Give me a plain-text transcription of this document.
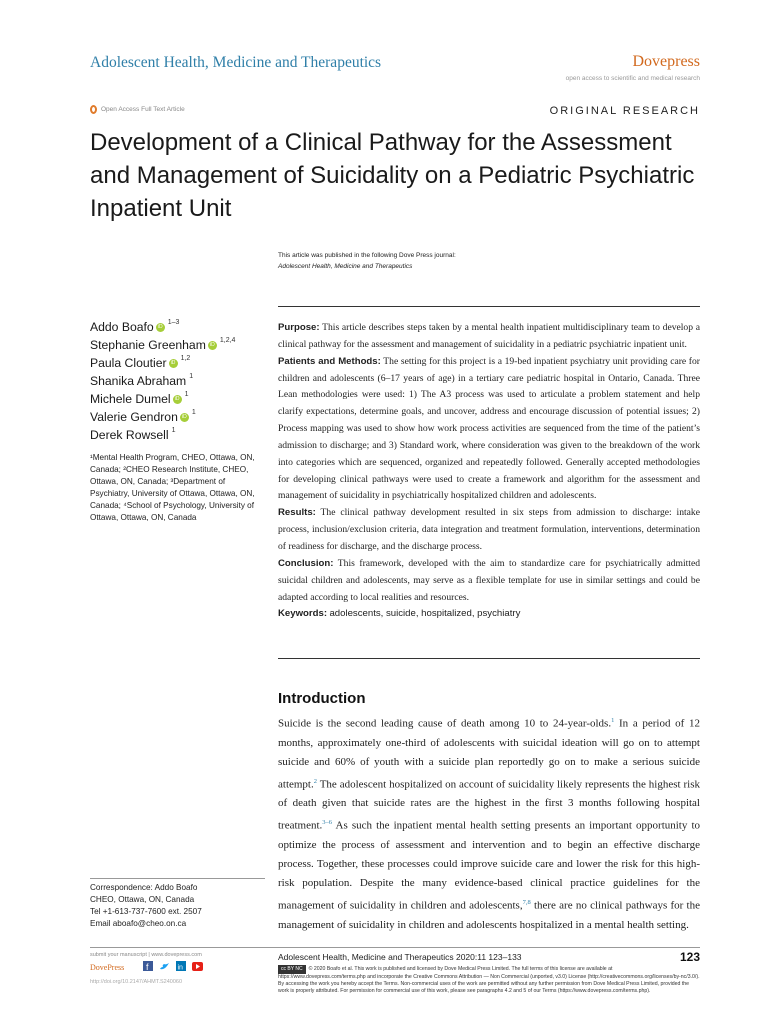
Adolescent Health, Medicine and Therapeutics	Dovepress
open access to scientific and medical research
Open Access Full Text Article	ORIGINAL RESEARCH
Development of a Clinical Pathway for the Assessment and Management of Suicidality on a Pediatric Psychiatric Inpatient Unit
This article was published in the following Dove Press journal:
Adolescent Health, Medicine and Therapeutics
Addo Boafo iD
1–3
Stephanie Greenham iD
1,2,4
Paula Cloutier iD
1,2
Shanika Abraham 1
Michele Dumel iD
1
Valerie Gendron iD
1
Derek Rowsell 1
¹Mental Health Program, CHEO, Ottawa, ON, Canada; ²CHEO Research Institute, CHEO, Ottawa, ON, Canada; ³Department of Psychiatry, University of Ottawa, Ottawa, ON, Canada; ⁴School of Psychology, University of Ottawa, Ottawa, ON, Canada

Purpose: This article describes steps taken by a mental health inpatient multidisciplinary team to develop a clinical pathway for the assessment and management of suicidality in a pediatric psychiatric inpatient unit.

Patients and Methods: The setting for this project is a 19-bed inpatient psychiatry unit providing care for children and adolescents (6–17 years of age) in a tertiary care pediatric hospital in Ontario, Canada. Three Lean methodologies were used: 1) The A3 process was used to articulate a problem statement and help clarify expectations, determine goals, and uncover, address and encourage discussion of potential issues; 2) Process mapping was used to show how work process activities are sequenced from the time of the patient’s admission to discharge; and 3) Standard work, where consideration was given to the breakdown of the work into categories which are sequenced, organized and repeatedly followed. Generally accepted methodologies for developing clinical pathways were used to create a framework and algorithm for the assessment and management of suicidality in psychiatrically hospitalized children and adolescents.

Results: The clinical pathway development resulted in six steps from admission to discharge: intake process, inclusion/exclusion criteria, data integration and treatment formulation, interventions, determination of readiness for discharge, and the discharge process.

Conclusion: This framework, developed with the aim to standardize care for psychiatrically admitted suicidal children and adolescents, may serve as a flexible template for use in similar settings and could be adapted according to local realities and resources.

Keywords: adolescents, suicide, hospitalized, psychiatry

Introduction
Suicide is the second leading cause of death among 10 to 24-year-olds.$^1$ In a period of 12 months, approximately one-third of adolescents with suicidal ideation will go on to attempt suicide and 60% of youth with a suicide plan reportedly go on to make a serious suicide attempt.$^2$ The adolescent hospitalized on account of suicidality likely represents the highest risk of death given that suicide rates are the highest in the first 3 months following hospital treatment.$^{3-6}$ As such the inpatient mental health setting presents an important opportunity to optimize the process of assessment and intervention and to begin an effective discharge process. Together, these processes could improve suicide care and lower the risk for this high-risk population. Despite the many evidence-based clinical practice guidelines for the management of suicidality in children and adolescents,$^{7,8}$ there are no clinical pathways for the management of suicidality in children and adolescents hospitalized in a mental health setting.
Correspondence: Addo Boafo
CHEO, Ottawa, ON, Canada
Tel +1-613-737-7600 ext. 2507
Email aboafo@cheo.on.ca
submit your manuscript | www.dovepress.com
DovePress f	in
http://doi.org/10.2147/AHMT.S240060
Adolescent Health, Medicine and Therapeutics 2020:11 123–133	123
cc BY NC © 2020 Boafo et al. This work is published and licensed by Dove Medical Press Limited. The full terms of this license are available at https://www.dovepress.com/terms.php and incorporate the Creative Commons Attribution — Non Commercial (unported, v3.0) License (http://creativecommons.org/licenses/by-nc/3.0/). By accessing the work you hereby accept the Terms. Non-commercial uses of the work are permitted without any further permission from Dove Medical Press Limited, provided the work is properly attributed. For permission for commercial use of this work, please see paragraphs 4.2 and 5 of our Terms (https://www.dovepress.com/terms.php).
